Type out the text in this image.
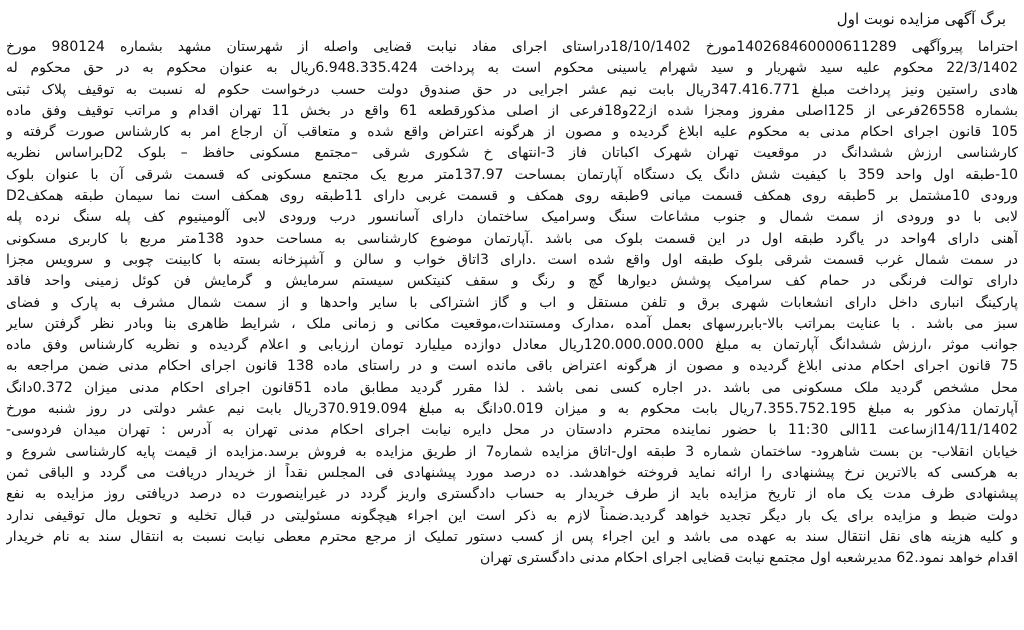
برگ آگهی مزایده نوبت اول
احتراما پیروآگهی 140268460000611289مورخ 18/10/1402دراستای اجرای مفاد نیابت قضایی واصله از شهرستان مشهد بشماره 980124 مورخ
22/3/1402 محکوم علیه سید شهریار و سید شهرام یاسینی محکوم است به پرداخت 6.948.335.424ریال به عنوان محکوم به در حق محکوم له
هادی راستین ونیز پرداخت مبلغ 347.416.771ریال بابت نیم عشر اجرایی در حق صندوق دولت حسب درخواست حکوم له نسبت به توقیف پلاک ثبتی
بشماره 26558فرعی از 125اصلی مفروز ومجزا شده از22و18فرعی از اصلی مذکورقطعه 61 واقع در بخش 11 تهران اقدام و مراتب توقیف وفق ماده
105 قانون اجرای احکام مدنی به محکوم علیه ابلاغ گردیده و مصون از هرگونه اعتراض واقع شده و متعاقب آن ارجاع امر به کارشناس صورت گرفته و
کارشناسی ارزش ششدانگ در موقعیت تهران شهرک اکباتان فاز 3-انتهای خ شکوری شرقی –مجتمع مسکونی حافظ – بلوک D2براساس نظریه
10-طبقه اول واحد 359 با کیفیت شش دانگ یک دستگاه آپارتمان بمساحت 137.97متر مربع یک مجتمع مسکونی که قسمت شرقی آن با عنوان بلوک
D2ورودی 10مشتمل بر 5طبقه روی همکف قسمت میانی 9طبقه روی همکف و قسمت غربی دارای 11طبقه روی همکف است نما سیمان طبقه همکف
لابی با دو ورودی از سمت شمال و جنوب مشاعات سنگ وسرامیک ساختمان دارای آسانسور درب ورودی لابی آلومینیوم کف پله سنگ نرده پله
آهنی دارای 4واحد در یاگرد طبقه اول در این قسمت بلوک می باشد .آپارتمان موضوع کارشناسی به مساحت حدود 138متر مربع با کاربری مسکونی
در سمت شمال غرب قسمت شرقی بلوک طبقه اول واقع شده است .دارای 3اتاق خواب و سالن و آشپزخانه بسته با کابینت چوبی و سرویس مجزا
دارای توالت فرنگی در حمام کف سرامیک پوشش دیوارها گچ و رنگ و سقف کنیتکس سیستم سرمایش و گرمایش فن کوئل زمینی واحد فاقد
پارکینگ انباری داخل دارای انشعابات شهری برق و تلفن مستقل و اب و گاز اشتراکی با سایر واحدها و از سمت شمال مشرف به پارک و فضای
سبز می باشد . با عنایت بمراتب بالا-بابررسهای بعمل آمده ،مدارک ومستندات،موقعیت مکانی و زمانی ملک ، شرایط ظاهری بنا وبادر نظر گرفتن سایر
جوانب موثر ،ارزش ششدانگ آپارتمان به مبلغ 120.000.000.000ریال معادل دوازده میلیارد تومان ارزیابی و اعلام گردیده و نظریه کارشناس وفق ماده
75 قانون اجرای احکام مدنی ابلاغ گردیده و مصون از هرگونه اعتراض باقی مانده است و در راستای ماده 138 قانون اجرای احکام مدنی ضمن مراجعه به
محل مشخص گردید ملک مسکونی می باشد .در اجاره کسی نمی باشد . لذا مقرر گردید مطابق ماده 51قانون اجرای احکام مدنی میزان 0.372دانگ
آپارتمان مذکور به مبلغ 7.355.752.195ریال بابت محکوم به و میزان 0.019دانگ به مبلغ 370.919.094ریال بابت نیم عشر دولتی در روز شنبه مورخ
14/11/1402ازساعت 11الی 11:30 با حضور نماینده محترم دادستان در محل دایره نیابت اجرای احکام مدنی تهران به آدرس : تهران میدان فردوسی-
خیابان انقلاب- بن بست شاهرود- ساختمان شماره 3 طبقه اول-اتاق مزایده شماره7 از طریق مزایده به فروش برسد.مزایده از قیمت پایه کارشناسی شروع و
به هرکسی که بالاترین نرخ پیشنهادی را ارائه نماید فروخته خواهدشد. ده درصد مورد پیشنهادی فی المجلس نقداً از خریدار دریافت می گردد و الباقی ثمن
پیشنهادی ظرف مدت یک ماه از تاریخ مزایده باید از طرف خریدار به حساب دادگستری واریز گردد در غیراینصورت ده درصد دریافتی روز مزایده به نفع
دولت ضبط و مزایده برای یک بار دیگر تجدید خواهد گردید.ضمناً لازم به ذکر است این اجراء هیچگونه مسئولیتی در قبال تخلیه و تحویل مال توقیفی ندارد
و کلیه هزینه های نقل انتقال سند به عهده می باشد و این اجراء پس از کسب دستور تملیک از مرجع محترم معطی نیابت نسبت به انتقال سند به نام خریدار
اقدام خواهد نمود.62 مدیرشعبه اول مجتمع نیابت قضایی اجرای احکام مدنی دادگستری تهران
